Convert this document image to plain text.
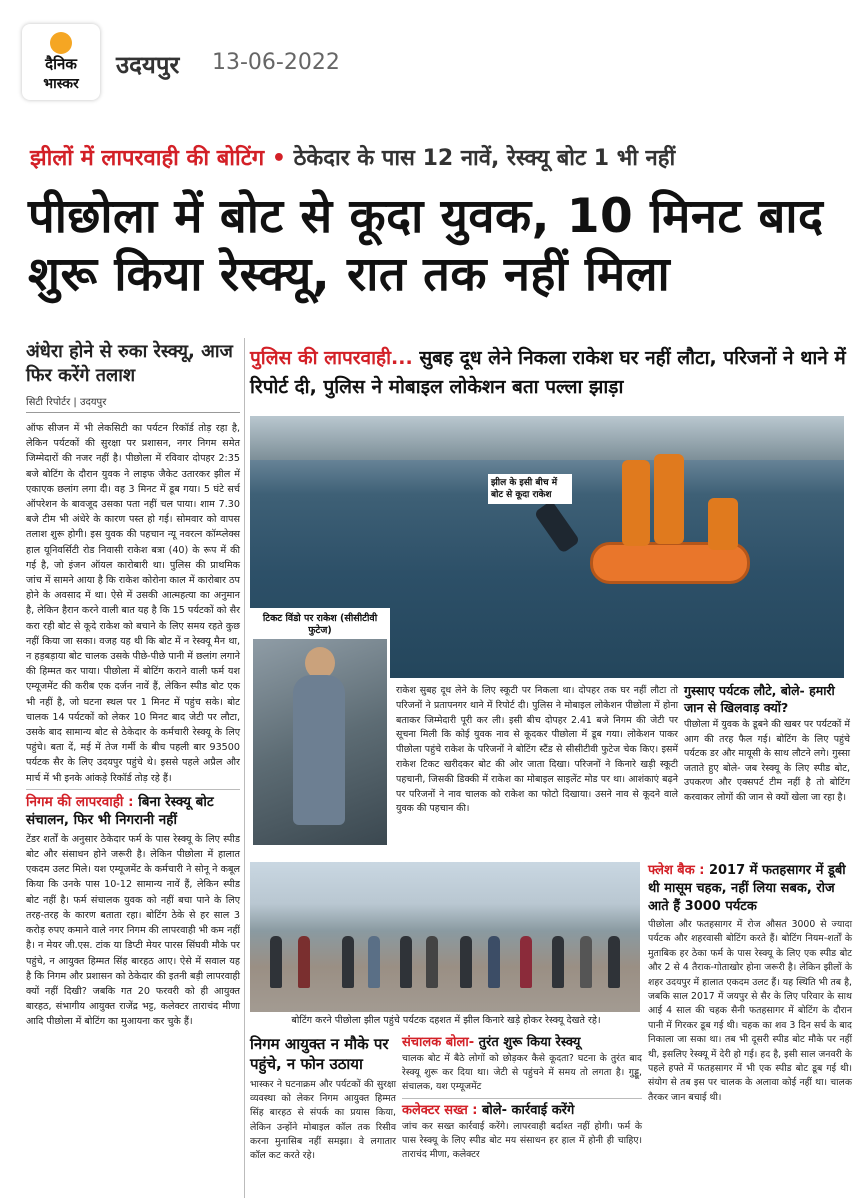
दैनिक
भास्कर
उदयपुर 13-06-2022
झीलों में लापरवाही की बोटिंग • ठेकेदार के पास 12 नावें, रेस्क्यू बोट 1 भी नहीं
पीछोला में बोट से कूदा युवक, 10 मिनट बाद शुरू किया रेस्क्यू, रात तक नहीं मिला
अंधेरा होने से रुका रेस्क्यू, आज फिर करेंगे तलाश
सिटी रिपोर्टर | उदयपुर
ऑफ सीजन में भी लेकसिटी का पर्यटन रिकॉर्ड तोड़ रहा है, लेकिन पर्यटकों की सुरक्षा पर प्रशासन, नगर निगम समेत जिम्मेदारों की नजर नहीं है। पीछोला में रविवार दोपहर 2:35 बजे बोटिंग के दौरान युवक ने लाइफ जैकेट उतारकर झील में एकाएक छलांग लगा दी। वह 3 मिनट में डूब गया। 5 घंटे सर्च ऑपरेशन के बावजूद उसका पता नहीं चल पाया। शाम 7.30 बजे टीम भी अंधेरे के कारण पस्त हो गई। सोमवार को वापस तलाश शुरू होगी। इस युवक की पहचान न्यू नवरत्न कॉम्प्लेक्स हाल यूनिवर्सिटी रोड निवासी राकेश बत्रा (40) के रूप में की गई है, जो इंजन ऑयल कारोबारी था। पुलिस की प्राथमिक जांच में सामने आया है कि राकेश कोरोना काल में कारोबार ठप होने के अवसाद में था। ऐसे में उसकी आत्महत्या का अनुमान है, लेकिन हैरान करने वाली बात यह है कि 15 पर्यटकों को सैर करा रही बोट से कूदे राकेश को बचाने के लिए समय रहते कुछ नहीं किया जा सका। वजह यह थी कि बोट में न रेस्क्यू मैन था, न हड़बड़ाया बोट चालक उसके पीछे-पीछे पानी में छलांग लगाने की हिम्मत कर पाया। पीछोला में बोटिंग कराने वाली फर्म यश एम्यूजमेंट की करीब एक दर्जन नावें हैं, लेकिन स्पीड बोट एक भी नहीं है, जो घटना स्थल पर 1 मिनट में पहुंच सके। बोट चालक 14 पर्यटकों को लेकर 10 मिनट बाद जेटी पर लौटा, उसके बाद सामान्य बोट से ठेकेदार के कर्मचारी रेस्क्यू के लिए पहुंचे। बता दें, मई में तेज गर्मी के बीच पहली बार 93500 पर्यटक सैर के लिए उदयपुर पहुंचे थे। इससे पहले अप्रैल और मार्च में भी इनके आंकड़े रिकॉर्ड तोड़ रहे हैं।
निगम की लापरवाही : बिना रेस्क्यू बोट संचालन, फिर भी निगरानी नहीं
टेंडर शर्तों के अनुसार ठेकेदार फर्म के पास रेस्क्यू के लिए स्पीड बोट और संसाधन होने जरूरी है। लेकिन पीछोला में हालात एकदम उलट मिले। यश एम्यूजमेंट के कर्मचारी ने सोनू ने कबूल किया कि उनके पास 10-12 सामान्य नावें हैं, लेकिन स्पीड बोट नहीं है। फर्म संचालक युवक को नहीं बचा पाने के लिए तरह-तरह के कारण बताता रहा। बोटिंग ठेके से हर साल 3 करोड़ रुपए कमाने वाले नगर निगम की लापरवाही भी कम नहीं है। न मेयर जी.एस. टांक या डिप्टी मेयर पारस सिंघवी मौके पर पहुंचे, न आयुक्त हिम्मत सिंह बारहठ आए। ऐसे में सवाल यह है कि निगम और प्रशासन को ठेकेदार की इतनी बड़ी लापरवाही क्यों नहीं दिखी? जबकि गत 20 फरवरी को ही आयुक्त बारहठ, संभागीय आयुक्त राजेंद्र भट्ट, कलेक्टर ताराचंद मीणा आदि पीछोला में बोटिंग का मुआयना कर चुके हैं।
पुलिस की लापरवाही... सुबह दूध लेने निकला राकेश घर नहीं लौटा, परिजनों ने थाने में रिपोर्ट दी, पुलिस ने मोबाइल लोकेशन बता पल्ला झाड़ा
झील के इसी बीच में बोट से कूदा राकेश
टिकट विंडो पर राकेश (सीसीटीवी फुटेज)
राकेश सुबह दूध लेने के लिए स्कूटी पर निकला था। दोपहर तक घर नहीं लौटा तो परिजनों ने प्रतापनगर थाने में रिपोर्ट दी। पुलिस ने मोबाइल लोकेशन पीछोला में होना बताकर जिम्मेदारी पूरी कर ली। इसी बीच दोपहर 2.41 बजे निगम की जेटी पर सूचना मिली कि कोई युवक नाव से कूदकर पीछोला में डूब गया। लोकेशन पाकर पीछोला पहुंचे राकेश के परिजनों ने बोटिंग स्टैंड से सीसीटीवी फुटेज चेक किए। इसमें राकेश टिकट खरीदकर बोट की ओर जाता दिखा। परिजनों ने किनारे खड़ी स्कूटी पहचानी, जिसकी डिक्की में राकेश का मोबाइल साइलेंट मोड पर था। आशंकाएं बढ़ने पर परिजनों ने नाव चालक को राकेश का फोटो दिखाया। उसने नाव से कूदने वाले युवक की पहचान की।
गुस्साए पर्यटक लौटे, बोले- हमारी जान से खिलवाड़ क्यों?
पीछोला में युवक के डूबने की खबर पर पर्यटकों में आग की तरह फैल गई। बोटिंग के लिए पहुंचे पर्यटक डर और मायूसी के साथ लौटने लगे। गुस्सा जताते हुए बोले- जब रेस्क्यू के लिए स्पीड बोट, उपकरण और एक्सपर्ट टीम नहीं है तो बोटिंग करवाकर लोगों की जान से क्यों खेला जा रहा है।
बोटिंग करने पीछोला झील पहुंचे पर्यटक दहशत में झील किनारे खड़े होकर रेस्क्यू देखते रहे।
फ्लेश बैक : 2017 में फतहसागर में डूबी थी मासूम चहक, नहीं लिया सबक, रोज आते हैं 3000 पर्यटक
पीछोला और फतहसागर में रोज औसत 3000 से ज्यादा पर्यटक और शहरवासी बोटिंग करते हैं। बोटिंग नियम-शर्तों के मुताबिक हर ठेका फर्म के पास रेस्क्यू के लिए एक स्पीड बोट और 2 से 4 तैराक-गोताखोर होना जरूरी है। लेकिन झीलों के शहर उदयपुर में हालात एकदम उलट हैं। यह स्थिति भी तब है, जबकि साल 2017 में जयपुर से सैर के लिए परिवार के साथ आई 4 साल की चहक सैनी फतहसागर में बोटिंग के दौरान पानी में गिरकर डूब गई थी। चहक का शव 3 दिन सर्च के बाद निकाला जा सका था। तब भी दूसरी स्पीड बोट मौके पर नहीं थी, इसलिए रेस्क्यू में देरी हो गई। हद है, इसी साल जनवरी के पहले हफ्ते में फतहसागर में भी एक स्पीड बोट डूब गई थी। संयोग से तब इस पर चालक के अलावा कोई नहीं था। चालक तैरकर जान बचाई थी।
निगम आयुक्त न मौके पर पहुंचे, न फोन उठाया
भास्कर ने घटनाक्रम और पर्यटकों की सुरक्षा व्यवस्था को लेकर निगम आयुक्त हिम्मत सिंह बारहठ से संपर्क का प्रयास किया, लेकिन उन्होंने मोबाइल कॉल तक रिसीव करना मुनासिब नहीं समझा। वे लगातार कॉल कट करते रहे।
संचालक बोला- तुरंत शुरू किया रेस्क्यू
चालक बोट में बैठे लोगों को छोड़कर कैसे कूदता? घटना के तुरंत बाद रेस्क्यू शुरू कर दिया था। जेटी से पहुंचने में समय तो लगता है। गुड्डू, संचालक, यश एम्यूजमेंट
कलेक्टर सख्त : बोले- कार्रवाई करेंगे
जांच कर सख्त कार्रवाई करेंगे। लापरवाही बर्दाश्त नहीं होगी। फर्म के पास रेस्क्यू के लिए स्पीड बोट मय संसाधन हर हाल में होनी ही चाहिए। ताराचंद मीणा, कलेक्टर
